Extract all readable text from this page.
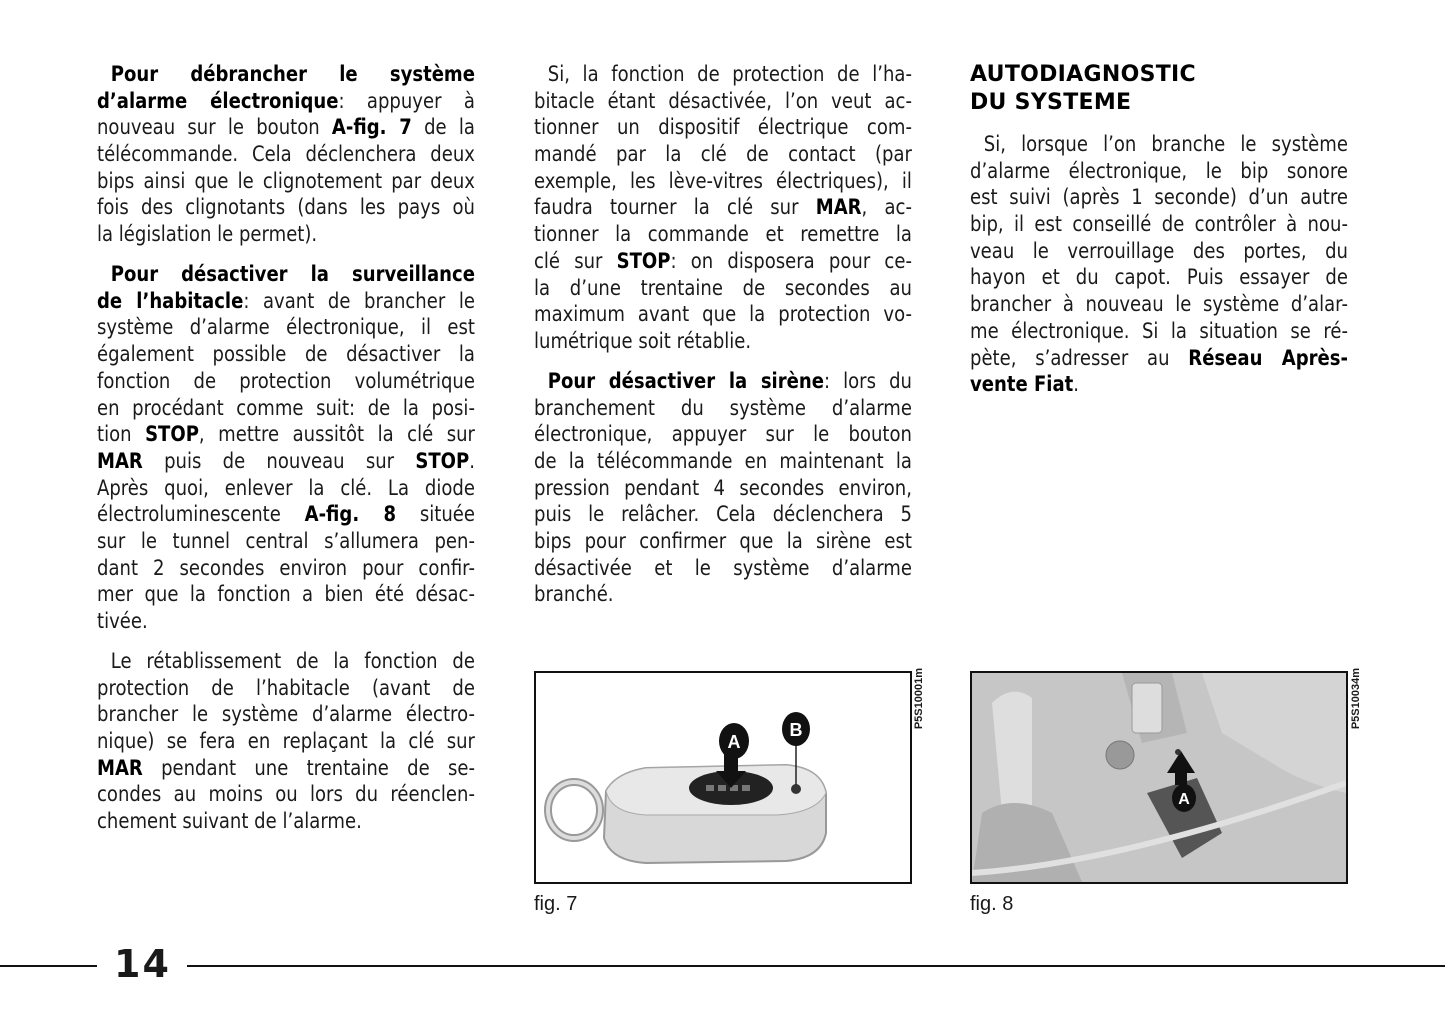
Pour débrancher le système
d’alarme électronique: appuyer à
nouveau sur le bouton A-fig. 7 de la
télécommande. Cela déclenchera deux
bips ainsi que le clignotement par deux
fois des clignotants (dans les pays où
la législation le permet).
Pour désactiver la surveillance
de l’habitacle: avant de brancher le
système d’alarme électronique, il est
également possible de désactiver la
fonction de protection volumétrique
en procédant comme suit: de la posi-
tion STOP, mettre aussitôt la clé sur
MAR puis de nouveau sur STOP.
Après quoi, enlever la clé. La diode
électroluminescente A-fig. 8 située
sur le tunnel central s’allumera pen-
dant 2 secondes environ pour confir-
mer que la fonction a bien été désac-
tivée.
Le rétablissement de la fonction de
protection de l’habitacle (avant de
brancher le système d’alarme électro-
nique) se fera en replaçant la clé sur
MAR pendant une trentaine de se-
condes au moins ou lors du réenclen-
chement suivant de l’alarme.
Si, la fonction de protection de l’ha-
bitacle étant désactivée, l’on veut ac-
tionner un dispositif électrique com-
mandé par la clé de contact (par
exemple, les lève-vitres électriques), il
faudra tourner la clé sur MAR, ac-
tionner la commande et remettre la
clé sur STOP: on disposera pour ce-
la d’une trentaine de secondes au
maximum avant que la protection vo-
lumétrique soit rétablie.
Pour désactiver la sirène: lors du
branchement du système d’alarme
électronique, appuyer sur le bouton
de la télécommande en maintenant la
pression pendant 4 secondes environ,
puis le relâcher. Cela déclenchera 5
bips pour confirmer que la sirène est
désactivée et le système d’alarme
branché.
AUTODIAGNOSTIC
DU SYSTEME
Si, lorsque l’on branche le système
d’alarme électronique, le bip sonore
est suivi (après 1 seconde) d’un autre
bip, il est conseillé de contrôler à nou-
veau le verrouillage des portes, du
hayon et du capot. Puis essayer de
brancher à nouveau le système d’alar-
me électronique. Si la situation se ré-
pète, s’adresser au Réseau Après-
vente Fiat.
A
B
P5S10001m
fig. 7
A
P5S10034m
fig. 8
14
